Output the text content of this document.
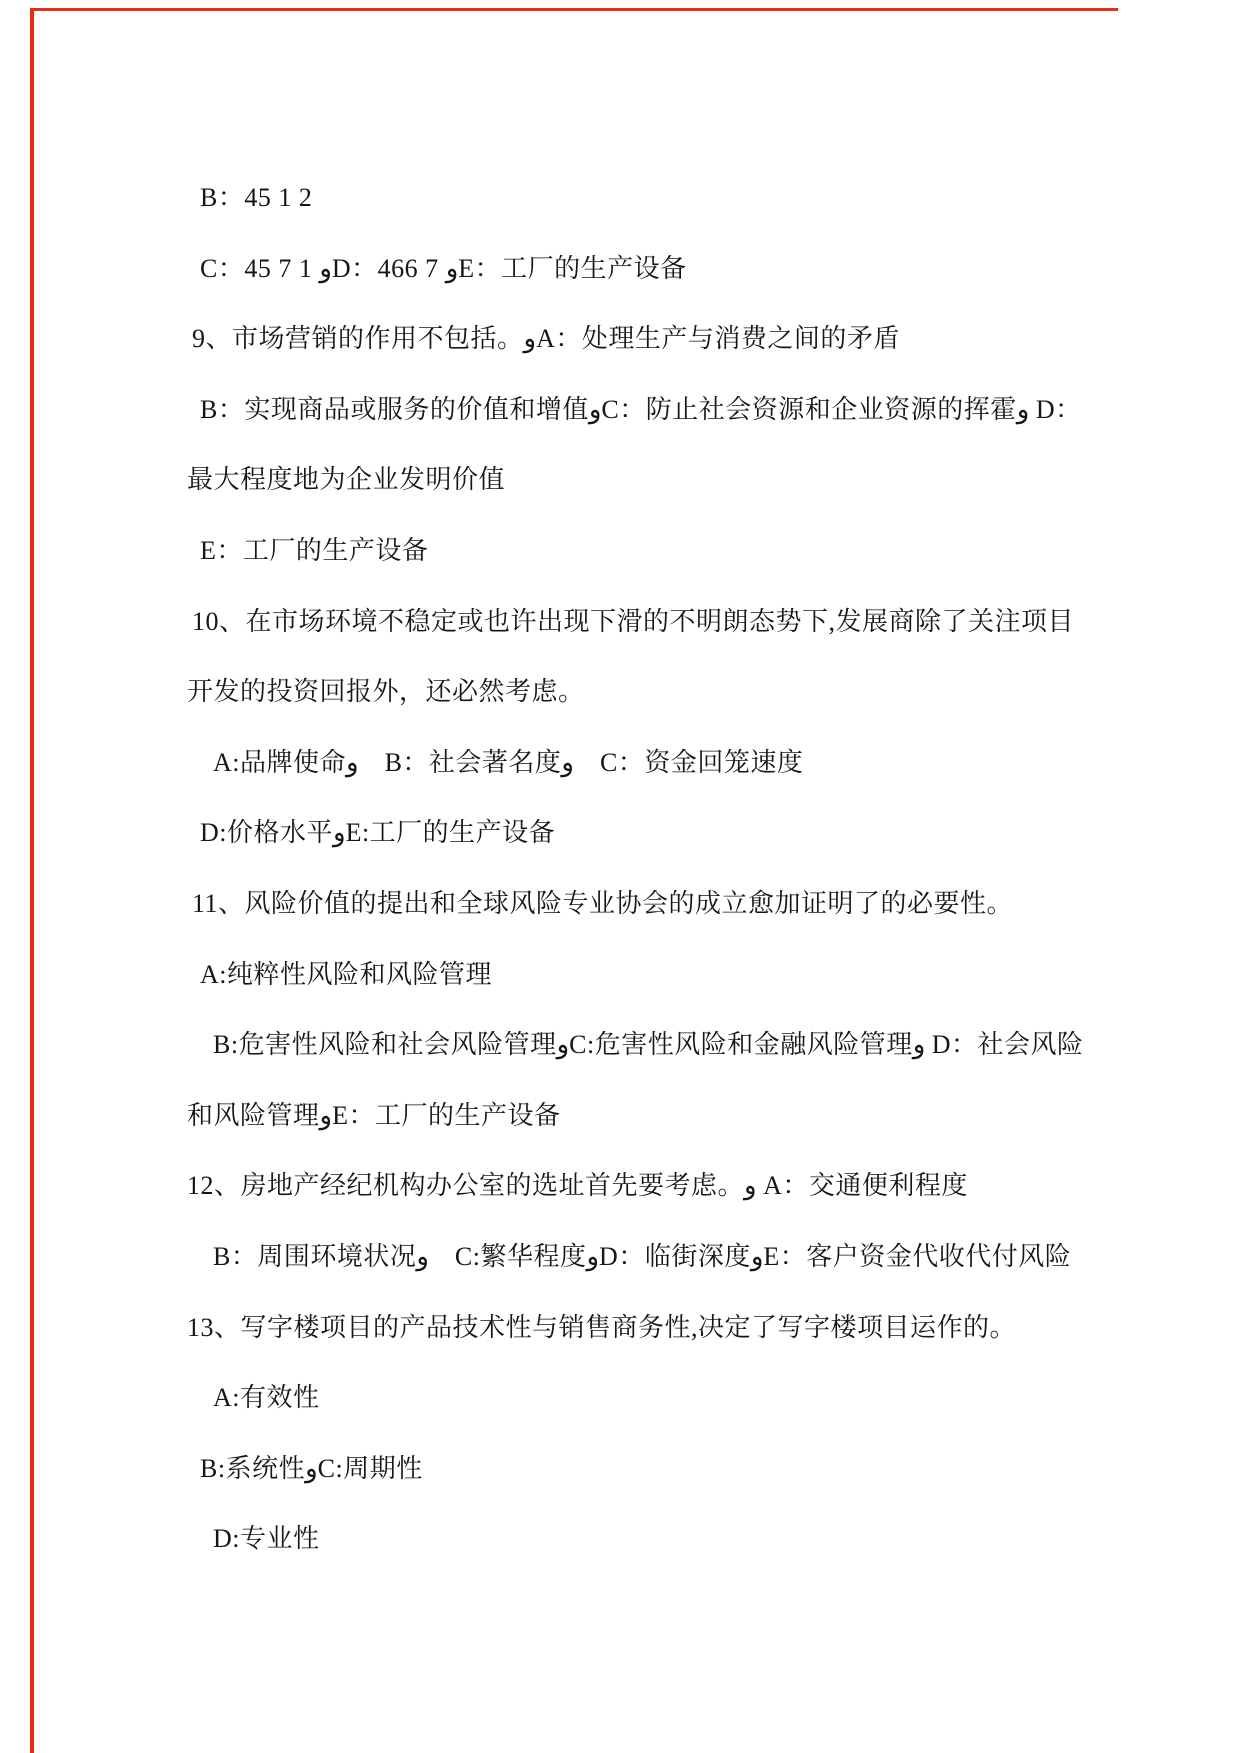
B：45 1 2

C：45 7 1 وD：466 7 وE：工厂的生产设备

9、市场营销的作用不包括。وA：处理生产与消费之间的矛盾

B：实现商品或服务的价值和增值وC：防止社会资源和企业资源的挥霍و D：

最大程度地为企业发明价值

E：工厂的生产设备

10、在市场环境不稳定或也许出现下滑的不明朗态势下,发展商除了关注项目

开发的投资回报外，还必然考虑。

A:品牌使命و　B：社会著名度و　C：资金回笼速度

D:价格水平وE:工厂的生产设备

11、风险价值的提出和全球风险专业协会的成立愈加证明了的必要性。

A:纯粹性风险和风险管理

B:危害性风险和社会风险管理وC:危害性风险和金融风险管理و D：社会风险

和风险管理وE：工厂的生产设备

12、房地产经纪机构办公室的选址首先要考虑。و A：交通便利程度

B：周围环境状况و　C:繁华程度وD：临街深度وE：客户资金代收代付风险

13、写字楼项目的产品技术性与销售商务性,决定了写字楼项目运作的。

A:有效性

B:系统性وC:周期性

D:专业性
